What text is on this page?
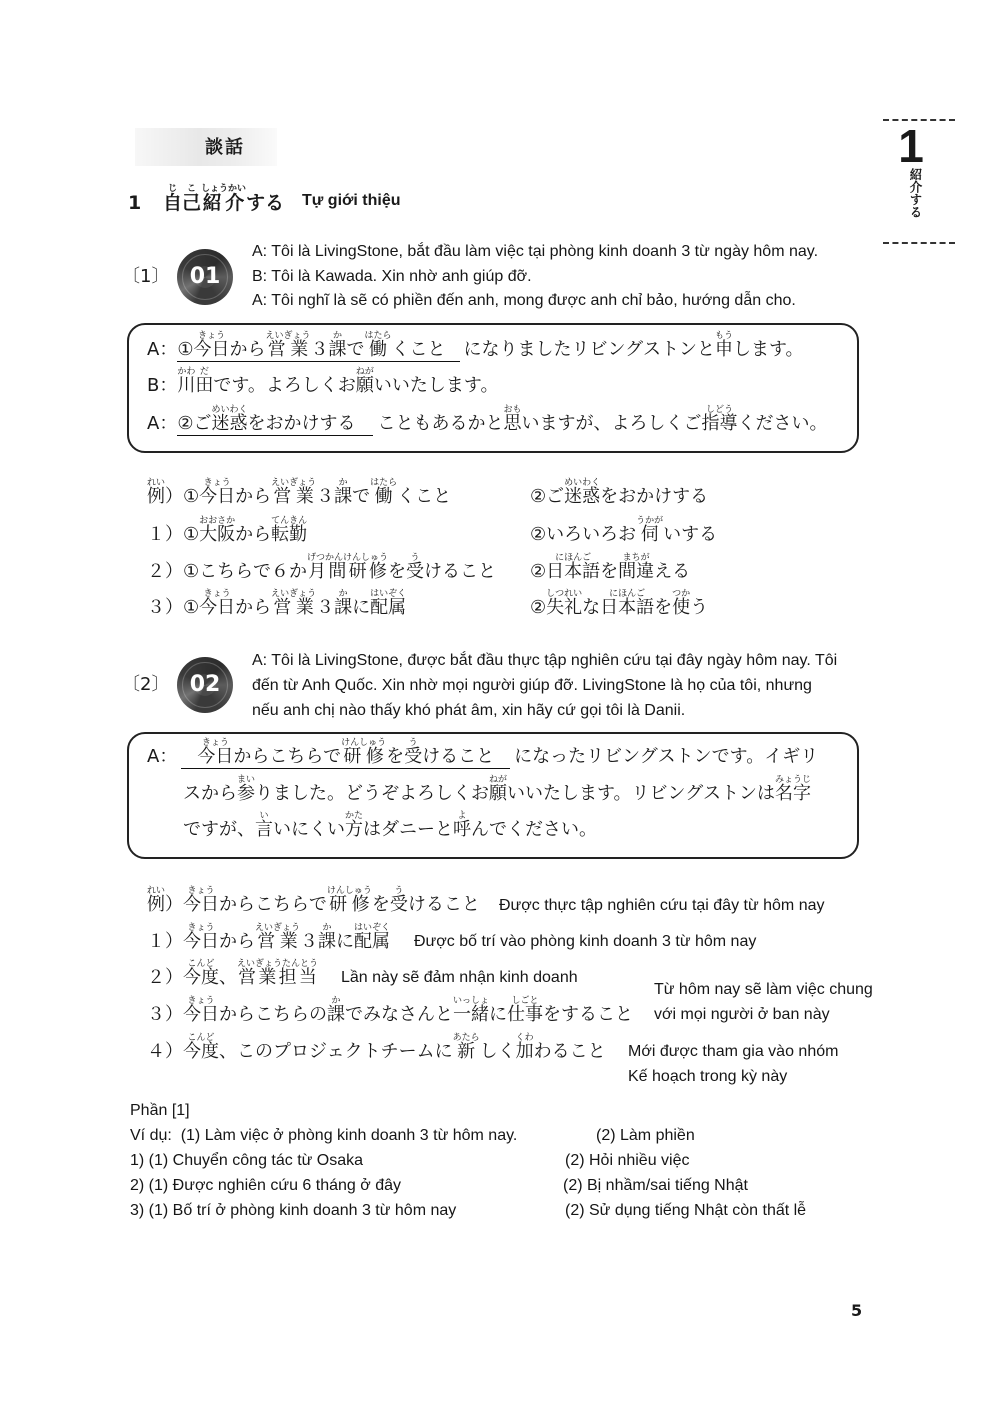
1
紹介する
談話
1
じ
自
こ
己
しょうかい
紹介する Tự giới thiệu
〔1〕 01
A: Tôi là LivingStone, bắt đầu làm việc tại phòng kinh doanh 3 từ ngày hôm nay.
B: Tôi là Kawada. Xin nhờ anh giúp đỡ.
A: Tôi nghĩ là sẽ có phiền đến anh, mong được anh chỉ bảo, hướng dẫn cho.
A：①
きょう
今日から
えいぎょう
営業３
か
課で
はたら
働くこと になりましたリビングストンと
もう
申します。
B：
かわ
川
だ
田です。よろしくお
ねが
願いいたします。
A：②ご
めいわく
迷惑をおかけする こともあるかと
おも
思いますが、よろしくご
しどう
指導ください。
れい
例）①
きょう
今日から
えいぎょう
営業３
か
課で
はたら
働くこと	②ご
めいわく
迷惑をおかけする
１）①
おおさか
大阪から
てんきん
転勤	②いろいろお
うかが
伺いする
２）①こちらで６か
げつかんけんしゅう
月間研修を
う
受けること ②
にほんご
日本語を
まちが
間違える
３）①
きょう
今日から
えいぎょう
営業３
か
課に
はいぞく
配属	②
しつれい
失礼な
にほんご
日本語を
つか
使う
〔2〕 02
A: Tôi là LivingStone, được bắt đầu thực tập nghiên cứu tại đây ngày hôm nay. Tôi
đến từ Anh Quốc. Xin nhờ mọi người giúp đỡ. LivingStone là họ của tôi, nhưng
nếu anh chị nào thấy khó phát âm, xin hãy cứ gọi tôi là Danii.
A：
きょう
今日からこちらで
けんしゅう
研修を
う
受けること になったリビングストンです。イギリ
スから
まい
参りました。どうぞよろしくお
ねが
願いいたします。リビングストンは
みょうじ
名字
ですが、
い
言いにくい
かた
方はダニーと
よ
呼んでください。
れい
例）
きょう
今日からこちらで
けんしゅう
研修を
う
受けること Được thực tập nghiên cứu tại đây từ hôm nay
１）
きょう
今日から
えいぎょう
営業３
か
課に
はいぞく
配属 Được bố trí vào phòng kinh doanh 3 từ hôm nay
２）
こんど
今度、
えいぎょうたんとう
営業担当 Lần này sẽ đảm nhận kinh doanh
３）
きょう
今日からこちらの
か
課でみなさんと
いっしょ
一緒に
しごと
仕事をすること
Từ hôm nay sẽ làm việc chung
với mọi người ở ban này
４）
こんど
今度、このプロジェクトチームに
あたら
新しく
くわ
加わること Mới được tham gia vào nhóm
Kế hoạch trong kỳ này
Phần [1]
Ví dụ:  (1) Làm việc ở phòng kinh doanh 3 từ hôm nay.	(2) Làm phiền
1) (1) Chuyển công tác từ Osaka	(2) Hỏi nhiều việc
2) (1) Được nghiên cứu 6 tháng ở đây	(2) Bị nhầm/sai tiếng Nhật
3) (1) Bố trí ở phòng kinh doanh 3 từ hôm nay	(2) Sử dụng tiếng Nhật còn thất lễ
5
